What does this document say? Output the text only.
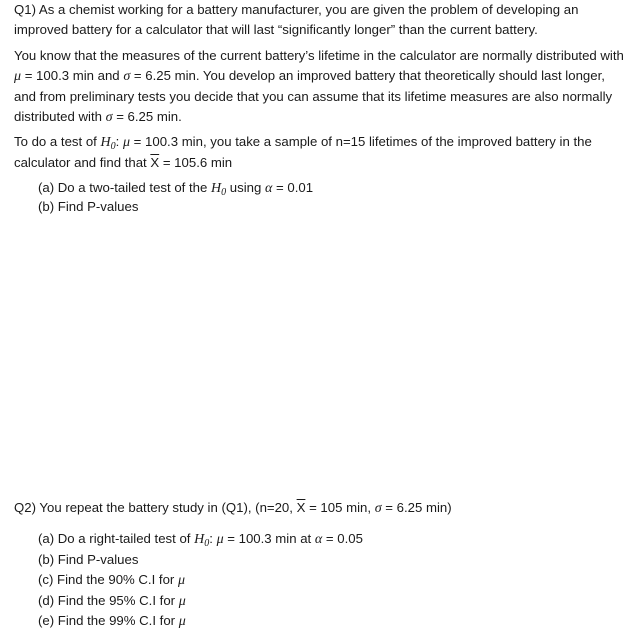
Q1) As a chemist working for a battery manufacturer, you are given the problem of developing an improved battery for a calculator that will last “significantly longer” than the current battery.

You know that the measures of the current battery’s lifetime in the calculator are normally distributed with μ = 100.3 min and σ = 6.25 min. You develop an improved battery that theoretically should last longer, and from preliminary tests you decide that you can assume that its lifetime measures are also normally distributed with σ = 6.25 min.

To do a test of $H_0$: μ = 100.3 min, you take a sample of n=15 lifetimes of the improved battery in the calculator and find that $\overline{X} = 105.6$ min

(a) Do a two-tailed test of the $H_0$ using α = 0.01
(b) Find P-values

Q2) You repeat the battery study in (Q1), (n=20, $\overline{X} = 105$ min, σ = 6.25 min)

(a) Do a right-tailed test of $H_0$: μ = 100.3 min at α = 0.05
(b) Find P-values
(c) Find the 90% C.I for μ
(d) Find the 95% C.I for μ
(e) Find the 99% C.I for μ
